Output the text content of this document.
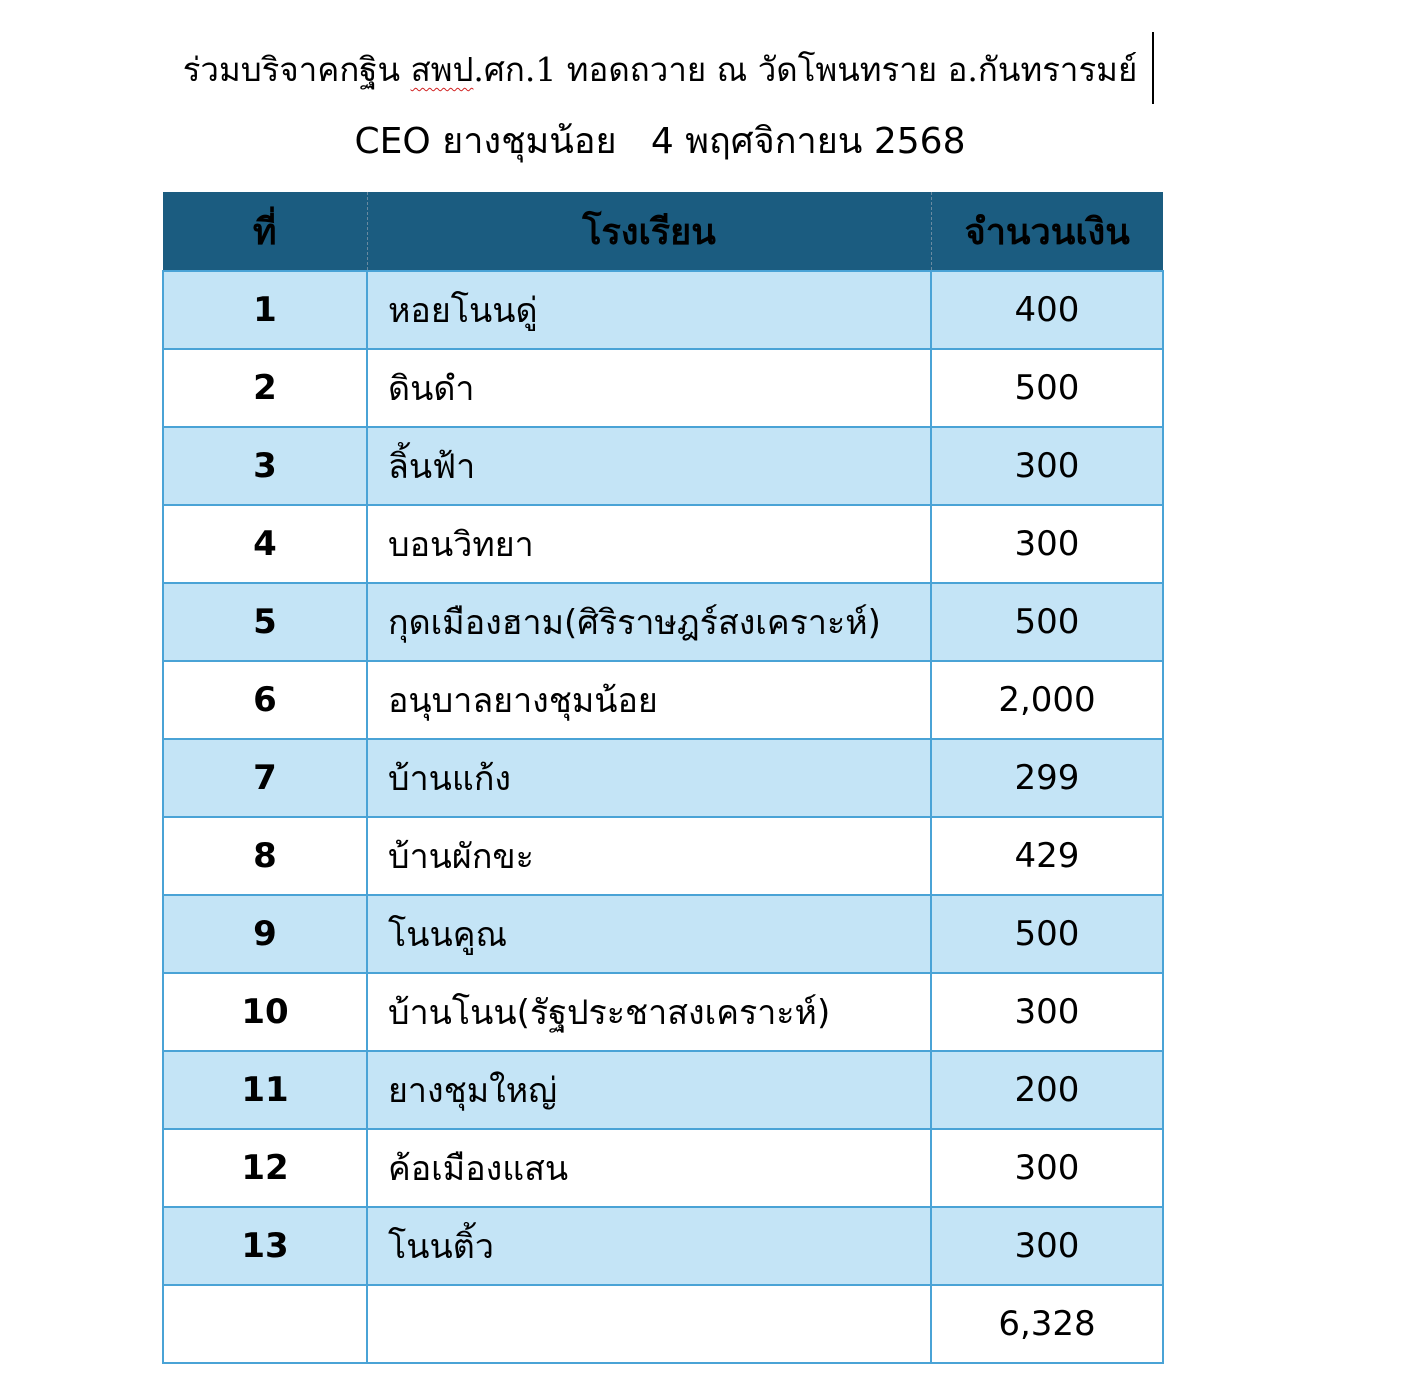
ร่วมบริจาคกฐิน สพป.ศก.1 ทอดถวาย ณ วัดโพนทราย อ.กันทรารมย์
CEO ยางชุมน้อย   4 พฤศจิกายน 2568
ที่	โรงเรียน	จำนวนเงิน
1	หอยโนนดู่	400
2	ดินดำ	500
3	ลิ้นฟ้า	300
4	บอนวิทยา	300
5	กุดเมืองฮาม(ศิริราษฎร์สงเคราะห์)	500
6	อนุบาลยางชุมน้อย	2,000
7	บ้านแก้ง	299
8	บ้านผักขะ	429
9	โนนคูณ	500
10	บ้านโนน(รัฐประชาสงเคราะห์)	300
11	ยางชุมใหญ่	200
12	ค้อเมืองแสน	300
13	โนนติ้ว	300
		6,328
